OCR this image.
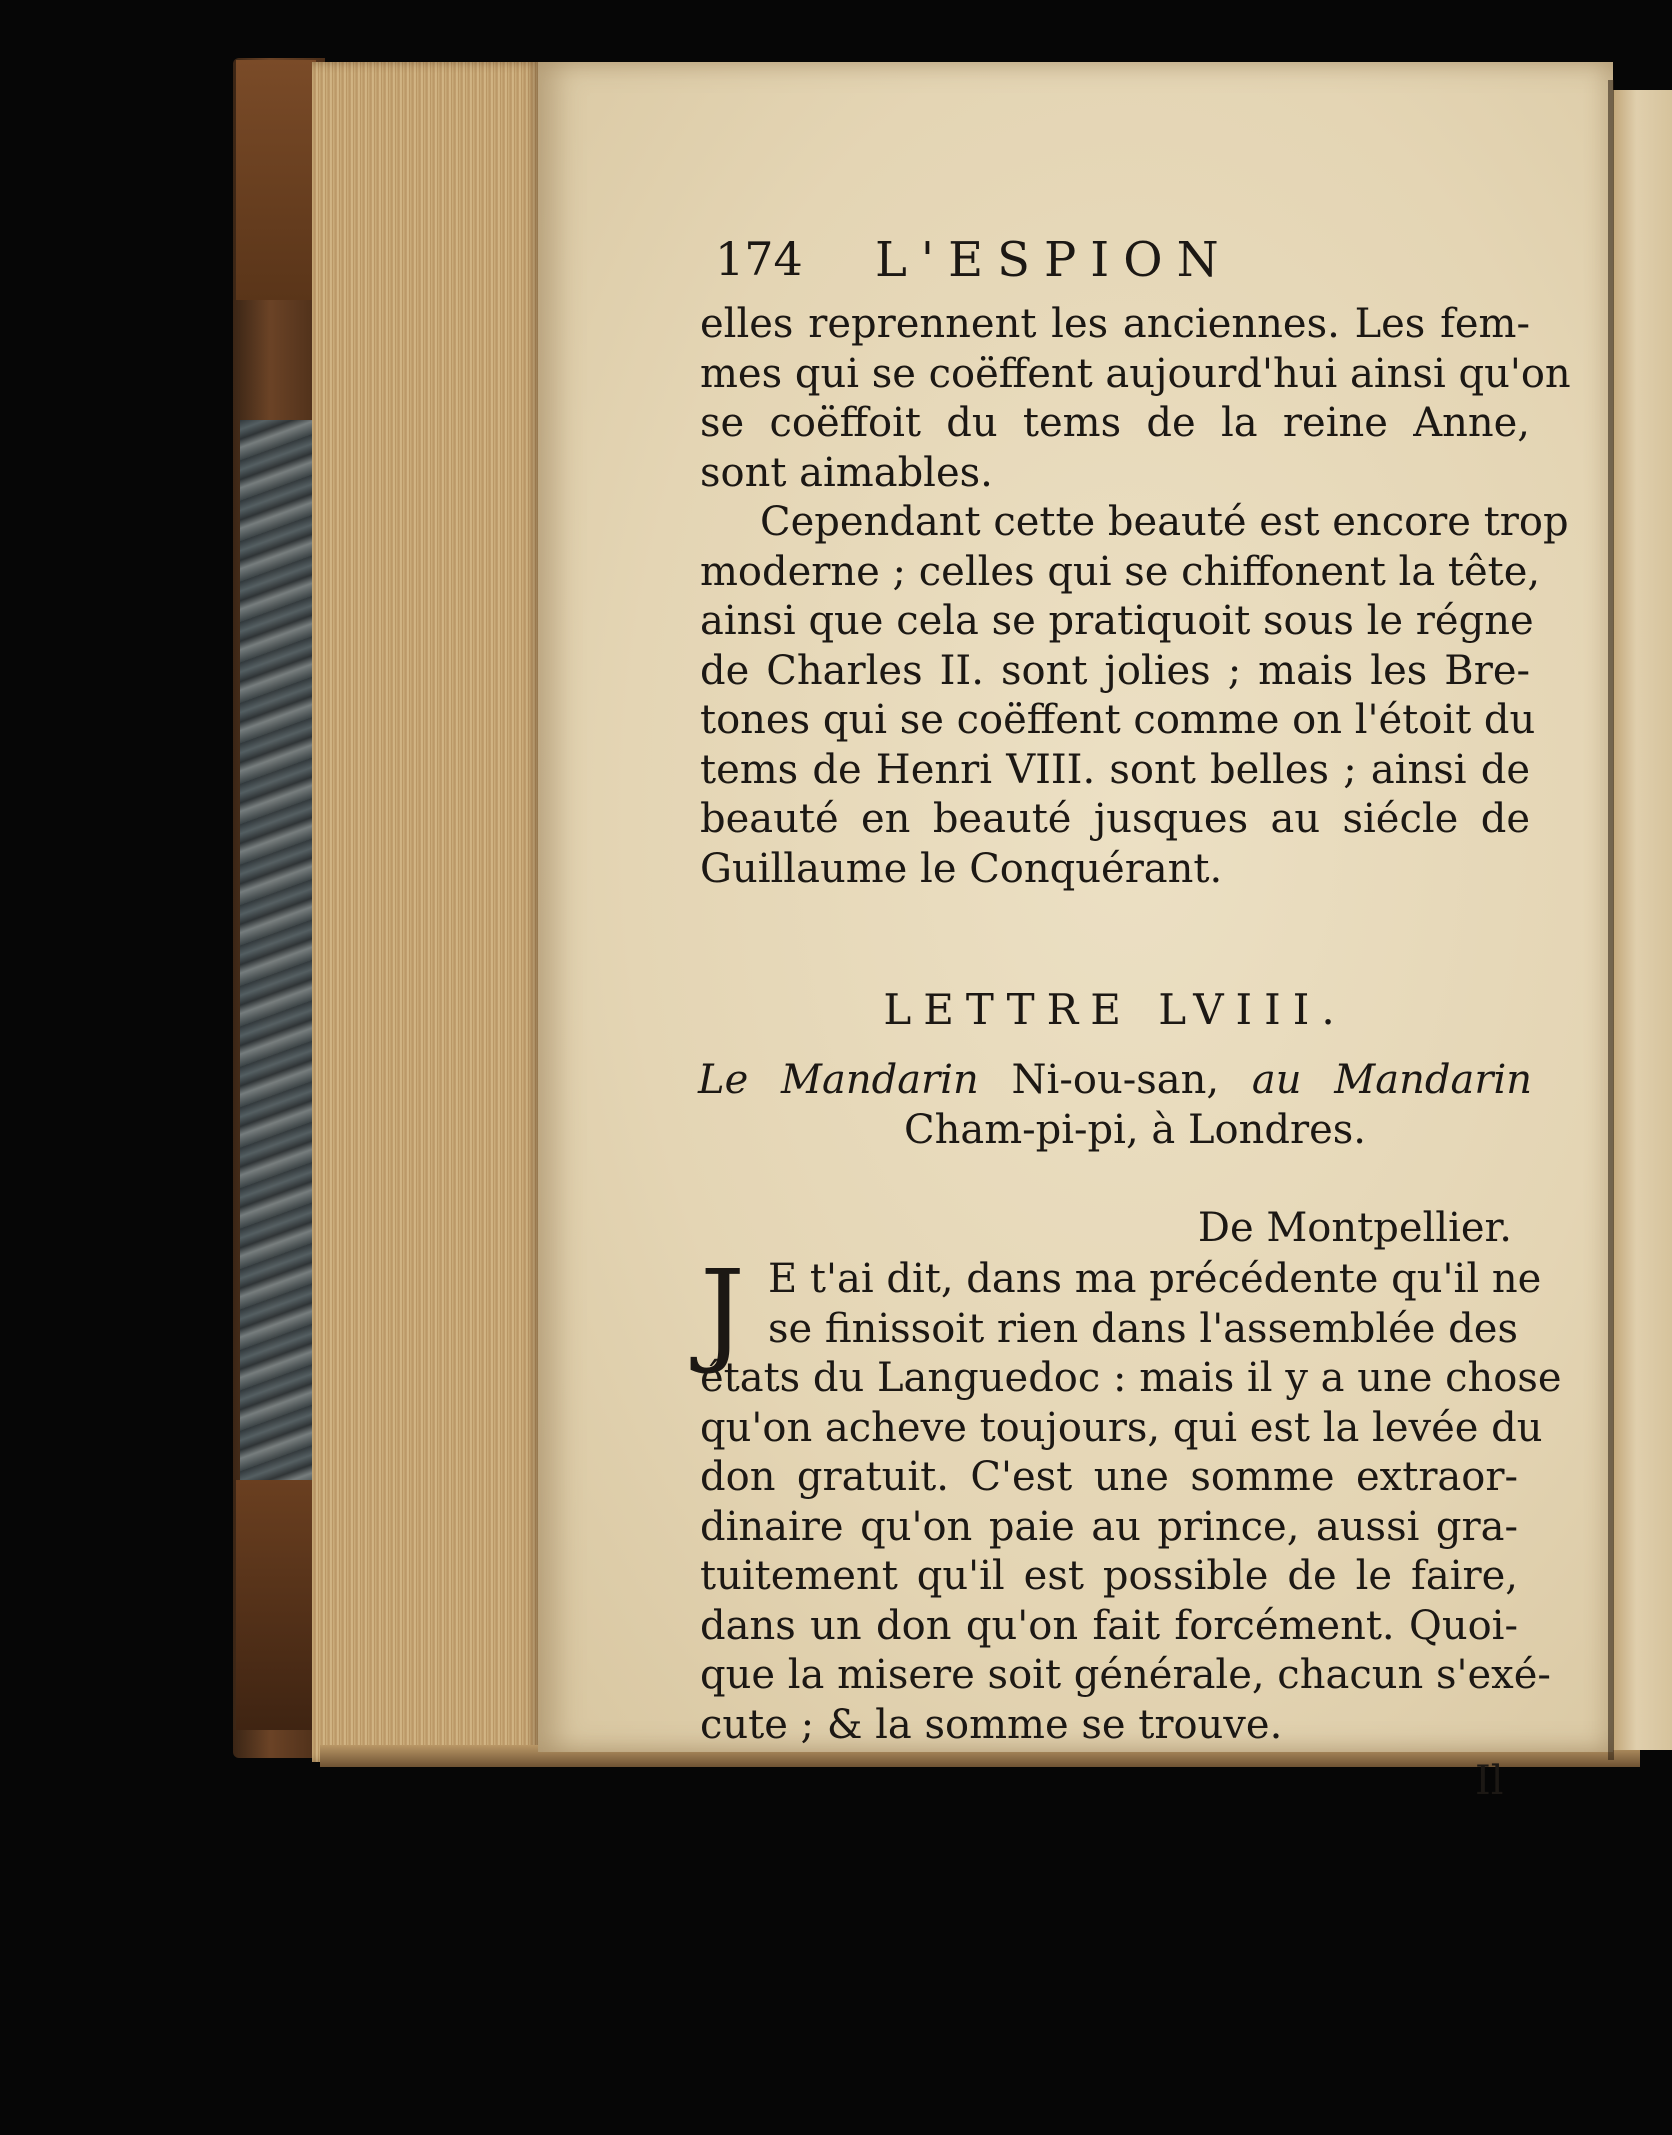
174 L'ESPION
elles reprennent les anciennes. Les fem-
mes qui se coëffent aujourd'hui ainsi qu'on
se coëffoit du tems de la reine Anne,
sont aimables.
Cependant cette beauté est encore trop
moderne ; celles qui se chiffonent la tête,
ainsi que cela se pratiquoit sous le régne
de Charles II. sont jolies ; mais les Bre-
tones qui se coëffent comme on l'étoit du
tems de Henri VIII. sont belles ; ainsi de
beauté en beauté jusques au siécle de
Guillaume le Conquérant.
LETTRE LVIII.
Le Mandarin Ni-ou-san, au Mandarin
Cham-pi-pi, à Londres.
De Montpellier.
J E t'ai dit, dans ma précédente qu'il ne
se finissoit rien dans l'assemblée des
états du Languedoc : mais il y a une chose
qu'on acheve toujours, qui est la levée du
don gratuit. C'est une somme extraor-
dinaire qu'on paie au prince, aussi gra-
tuitement qu'il est possible de le faire,
dans un don qu'on fait forcément. Quoi-
que la misere soit générale, chacun s'exé-
cute ; & la somme se trouve.
Il
